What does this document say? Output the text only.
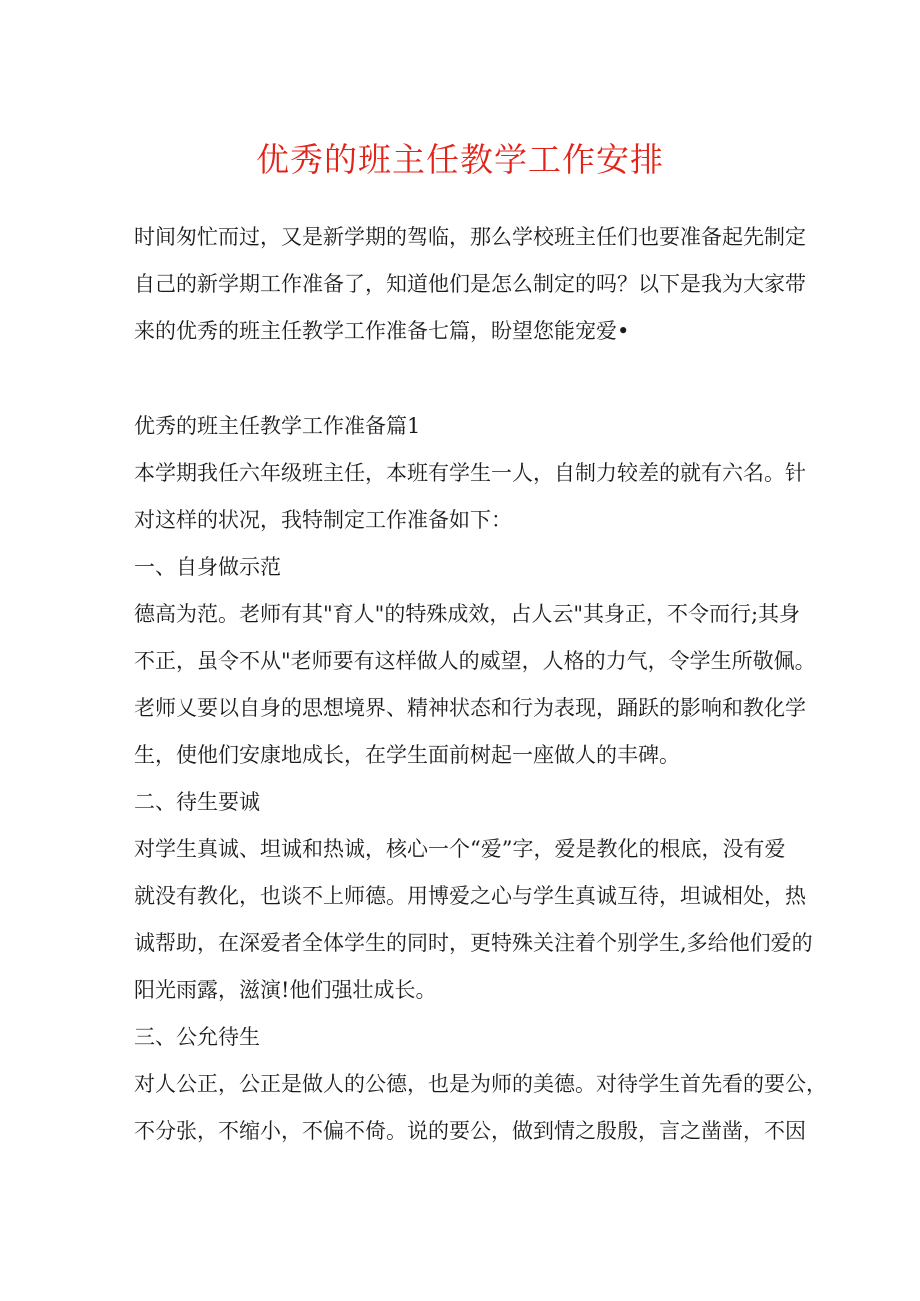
优秀的班主任教学工作安排

时间匆忙而过，又是新学期的驾临，那么学校班主任们也要准备起先制定

自己的新学期工作准备了，知道他们是怎么制定的吗？以下是我为大家带

来的优秀的班主任教学工作准备七篇，盼望您能宠爱•

优秀的班主任教学工作准备篇1

本学期我任六年级班主任，本班有学生一人，自制力较差的就有六名。针

对这样的状况，我特制定工作准备如下：

一、自身做示范

德高为范。老师有其"育人"的特殊成效，占人云"其身正，不令而行;其身

不正，虽令不从"老师要有这样做人的威望，人格的力气，令学生所敬佩。

老师乂要以自身的思想境界、精神状态和行为表现，踊跃的影响和教化学

生，使他们安康地成长，在学生面前树起一座做人的丰碑。

二、待生要诚

对学生真诚、坦诚和热诚，核心一个“爱”字，爱是教化的根底，没有爱

就没有教化，也谈不上师德。用博爱之心与学生真诚互待，坦诚相处，热

诚帮助，在深爱者全体学生的同时，更特殊关注着个别学生,多给他们爱的

阳光雨露，滋演!他们强壮成长。

三、公允待生

对人公正，公正是做人的公德，也是为师的美德。对待学生首先看的要公，

不分张，不缩小，不偏不倚。说的要公，做到情之殷殷，言之凿凿，不因
